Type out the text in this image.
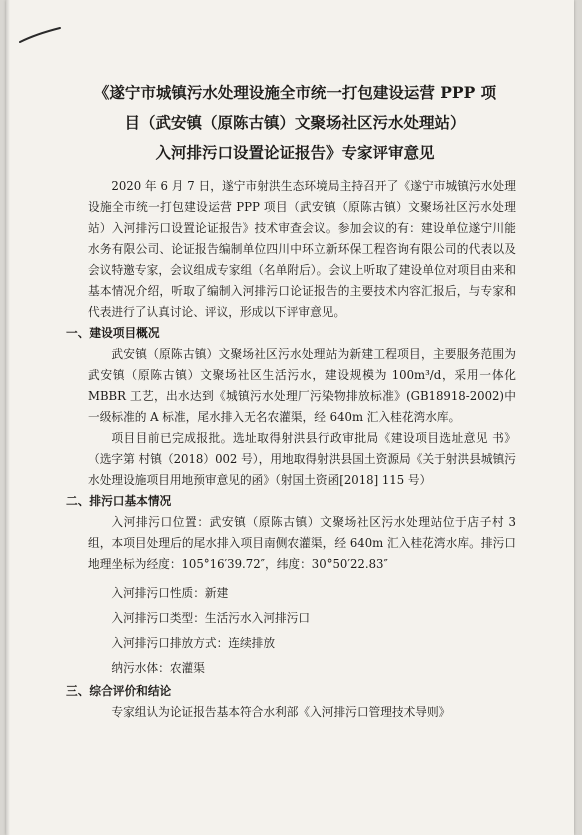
《遂宁市城镇污水处理设施全市统一打包建设运营 PPP 项

目（武安镇（原陈古镇）文聚场社区污水处理站）

入河排污口设置论证报告》专家评审意见

2020 年 6 月 7 日，遂宁市射洪生态环境局主持召开了《遂宁市城镇污水处理设施全市统一打包建设运营 PPP 项目（武安镇（原陈古镇）文聚场社区污水处理站）入河排污口设置论证报告》技术审查会议。参加会议的有：建设单位遂宁川能水务有限公司、论证报告编制单位四川中环立新环保工程咨询有限公司的代表以及会议特邀专家，会议组成专家组（名单附后）。会议上听取了建设单位对项目由来和基本情况介绍，听取了编制入河排污口论证报告的主要技术内容汇报后，与专家和代表进行了认真讨论、评议，形成以下评审意见。

一、建设项目概况

武安镇（原陈古镇）文聚场社区污水处理站为新建工程项目，主要服务范围为武安镇（原陈古镇）文聚场社区生活污水，建设规模为 100m³/d，采用一体化 MBBR 工艺，出水达到《城镇污水处理厂污染物排放标准》(GB18918-2002)中一级标准的 A 标准，尾水排入无名农灌渠，经 640m 汇入桂花湾水库。

项目目前已完成报批。选址取得射洪县行政审批局《建设项目选址意见 书》（选字第 村镇（2018）002 号），用地取得射洪县国土资源局《关于射洪县城镇污水处理设施项目用地预审意见的函》（射国土资函[2018] 115 号）

二、排污口基本情况

入河排污口位置：武安镇（原陈古镇）文聚场社区污水处理站位于店子村 3 组，本项目处理后的尾水排入项目南侧农灌渠，经 640m 汇入桂花湾水库。排污口地理坐标为经度：105°16′39.72″，纬度：30°50′22.83″

入河排污口性质：新建

入河排污口类型：生活污水入河排污口

入河排污口排放方式：连续排放

纳污水体：农灌渠

三、综合评价和结论

专家组认为论证报告基本符合水利部《入河排污口管理技术导则》
